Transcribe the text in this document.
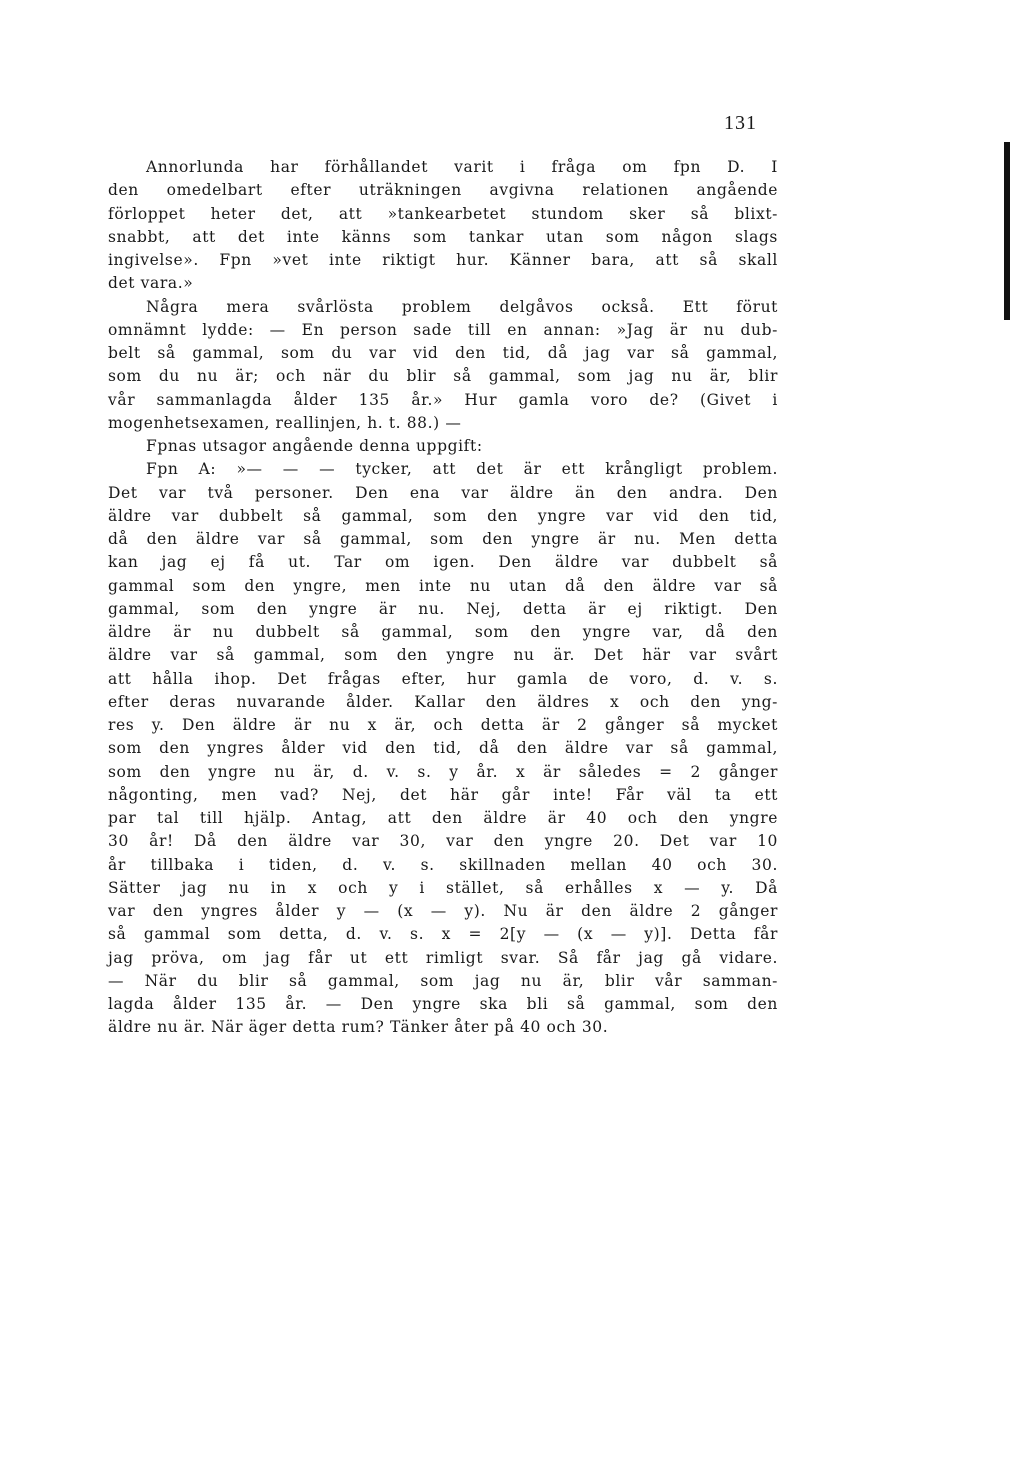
131
Annorlunda har förhållandet varit i fråga om fpn D. I
den omedelbart efter uträkningen avgivna relationen angående
förloppet heter det, att »tankearbetet stundom sker så blixt-
snabbt, att det inte känns som tankar utan som någon slags
ingivelse». Fpn »vet inte riktigt hur. Känner bara, att så skall
det vara.»
Några mera svårlösta problem delgåvos också. Ett förut
omnämnt lydde: — En person sade till en annan: »Jag är nu dub-
belt så gammal, som du var vid den tid, då jag var så gammal,
som du nu är; och när du blir så gammal, som jag nu är, blir
vår sammanlagda ålder 135 år.» Hur gamla voro de? (Givet i
mogenhetsexamen, reallinjen, h. t. 88.) —
Fpnas utsagor angående denna uppgift:
Fpn A: »— — — tycker, att det är ett krångligt problem.
Det var två personer. Den ena var äldre än den andra. Den
äldre var dubbelt så gammal, som den yngre var vid den tid,
då den äldre var så gammal, som den yngre är nu. Men detta
kan jag ej få ut. Tar om igen. Den äldre var dubbelt så
gammal som den yngre, men inte nu utan då den äldre var så
gammal, som den yngre är nu. Nej, detta är ej riktigt. Den
äldre är nu dubbelt så gammal, som den yngre var, då den
äldre var så gammal, som den yngre nu är. Det här var svårt
att hålla ihop. Det frågas efter, hur gamla de voro, d. v. s.
efter deras nuvarande ålder. Kallar den äldres x och den yng-
res y. Den äldre är nu x är, och detta är 2 gånger så mycket
som den yngres ålder vid den tid, då den äldre var så gammal,
som den yngre nu är, d. v. s. y år. x är således = 2 gånger
någonting, men vad? Nej, det här går inte! Får väl ta ett
par tal till hjälp. Antag, att den äldre är 40 och den yngre
30 år! Då den äldre var 30, var den yngre 20. Det var 10
år tillbaka i tiden, d. v. s. skillnaden mellan 40 och 30.
Sätter jag nu in x och y i stället, så erhålles x — y. Då
var den yngres ålder y — (x — y). Nu är den äldre 2 gånger
så gammal som detta, d. v. s. x = 2[y — (x — y)]. Detta får
jag pröva, om jag får ut ett rimligt svar. Så får jag gå vidare.
— När du blir så gammal, som jag nu är, blir vår samman-
lagda ålder 135 år. — Den yngre ska bli så gammal, som den
äldre nu är. När äger detta rum? Tänker åter på 40 och 30.
